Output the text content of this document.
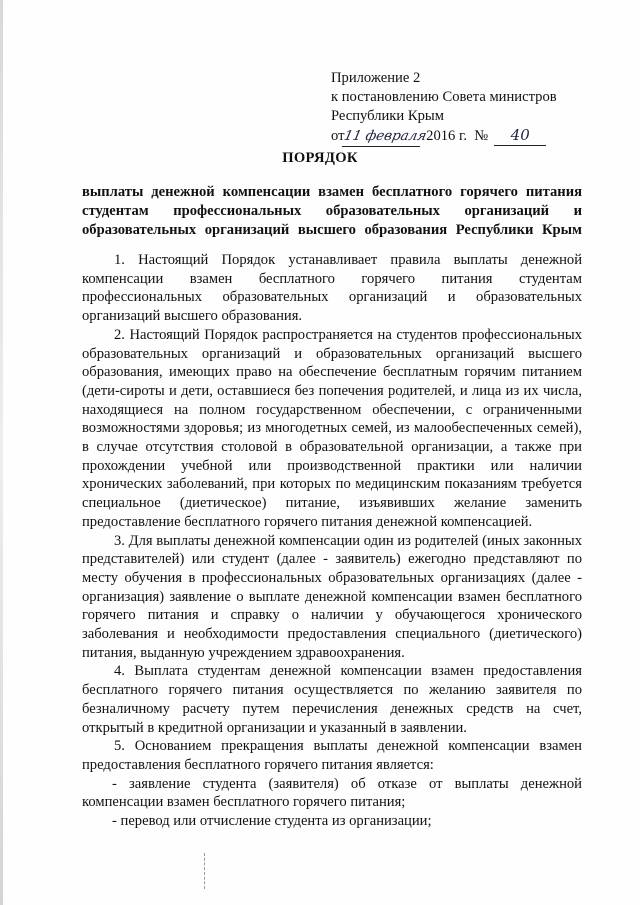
Приложение 2
к постановлению Совета министров
Республики Крым
от11 февраля 2016 г. № 40
ПОРЯДОК
выплаты денежной компенсации взамен бесплатного горячего питания
студентам профессиональных образовательных организаций и
образовательных организаций высшего образования Республики Крым

1. Настоящий Порядок устанавливает правила выплаты денежной компенсации взамен бесплатного горячего питания студентам профессиональных образовательных организаций и образовательных организаций высшего образования.

2. Настоящий Порядок распространяется на студентов профессиональных образовательных организаций и образовательных организаций высшего образования, имеющих право на обеспечение бесплатным горячим питанием (дети-сироты и дети, оставшиеся без попечения родителей, и лица из их числа, находящиеся на полном государственном обеспечении, с ограниченными возможностями здоровья; из многодетных семей, из малообеспеченных семей), в случае отсутствия столовой в образовательной организации, а также при прохождении учебной или производственной практики или наличии хронических заболеваний, при которых по медицинским показаниям требуется специальное (диетическое) питание, изъявивших желание заменить предоставление бесплатного горячего питания денежной компенсацией.

3. Для выплаты денежной компенсации один из родителей (иных законных представителей) или студент (далее - заявитель) ежегодно представляют по месту обучения в профессиональных образовательных организациях (далее - организация) заявление о выплате денежной компенсации взамен бесплатного горячего питания и справку о наличии у обучающегося хронического заболевания и необходимости предоставления специального (диетического) питания, выданную учреждением здравоохранения.

4. Выплата студентам денежной компенсации взамен предоставления бесплатного горячего питания осуществляется по желанию заявителя по безналичному расчету путем перечисления денежных средств на счет, открытый в кредитной организации и указанный в заявлении.

5. Основанием прекращения выплаты денежной компенсации взамен предоставления бесплатного горячего питания является:

- заявление студента (заявителя) об отказе от выплаты денежной компенсации взамен бесплатного горячего питания;

- перевод или отчисление студента из организации;
